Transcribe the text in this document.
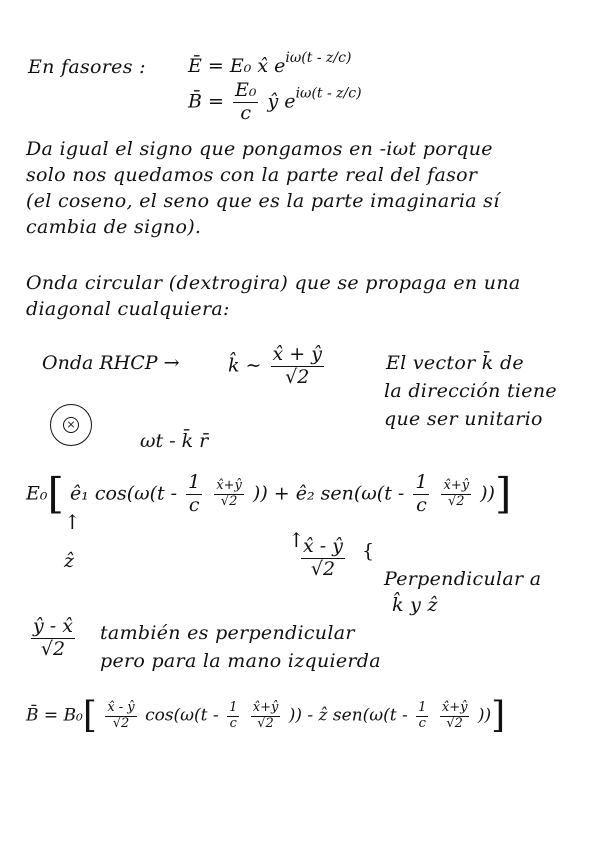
En fasores : Ē = E₀ x̂ $e^{i\omega(t - z/c)}$
B̄ = $\frac{\text{E₀}}{c}$ ŷ $e^{i\omega(t - z/c)}$
Da igual el signo que pongamos en -iωt porque
solo nos quedamos con la parte real del fasor
(el coseno, el seno que es la parte imaginaria sí
cambia de signo).
Onda circular (dextrogira) que se propaga en una
diagonal cualquiera:
Onda RHCP →	k̂ ∼ $\frac{x̂ + ŷ}{√2}$	El vector k̄ de
la dirección tiene
que ser unitario
×
ωt - k̄ r̄
E₀[ ê₁ $\cos(\omega(t - \frac{1}{c}$
$\frac{x̂+ŷ}{√2}$ )) + ê₂ $sen(\omega(t - \frac{1}{c}$
$\frac{x̂+ŷ}{√2}$ ))]
↑
ẑ
↑
$\frac{x̂ - ŷ}{√2}$ {
Perpendicular a
k̂ y ẑ
$\frac{ŷ - x̂}{√2}$ también es perpendicular
pero para la mano izquierda
B̄ = $B_0[ \frac{x̂ - ŷ}{√2} \cos(\omega(t - \frac{1}{c}$
$\frac{x̂+ŷ}{√2}$ )) - ẑ $sen(\omega(t - \frac{1}{c}$
$\frac{x̂+ŷ}{√2}$ ))]
